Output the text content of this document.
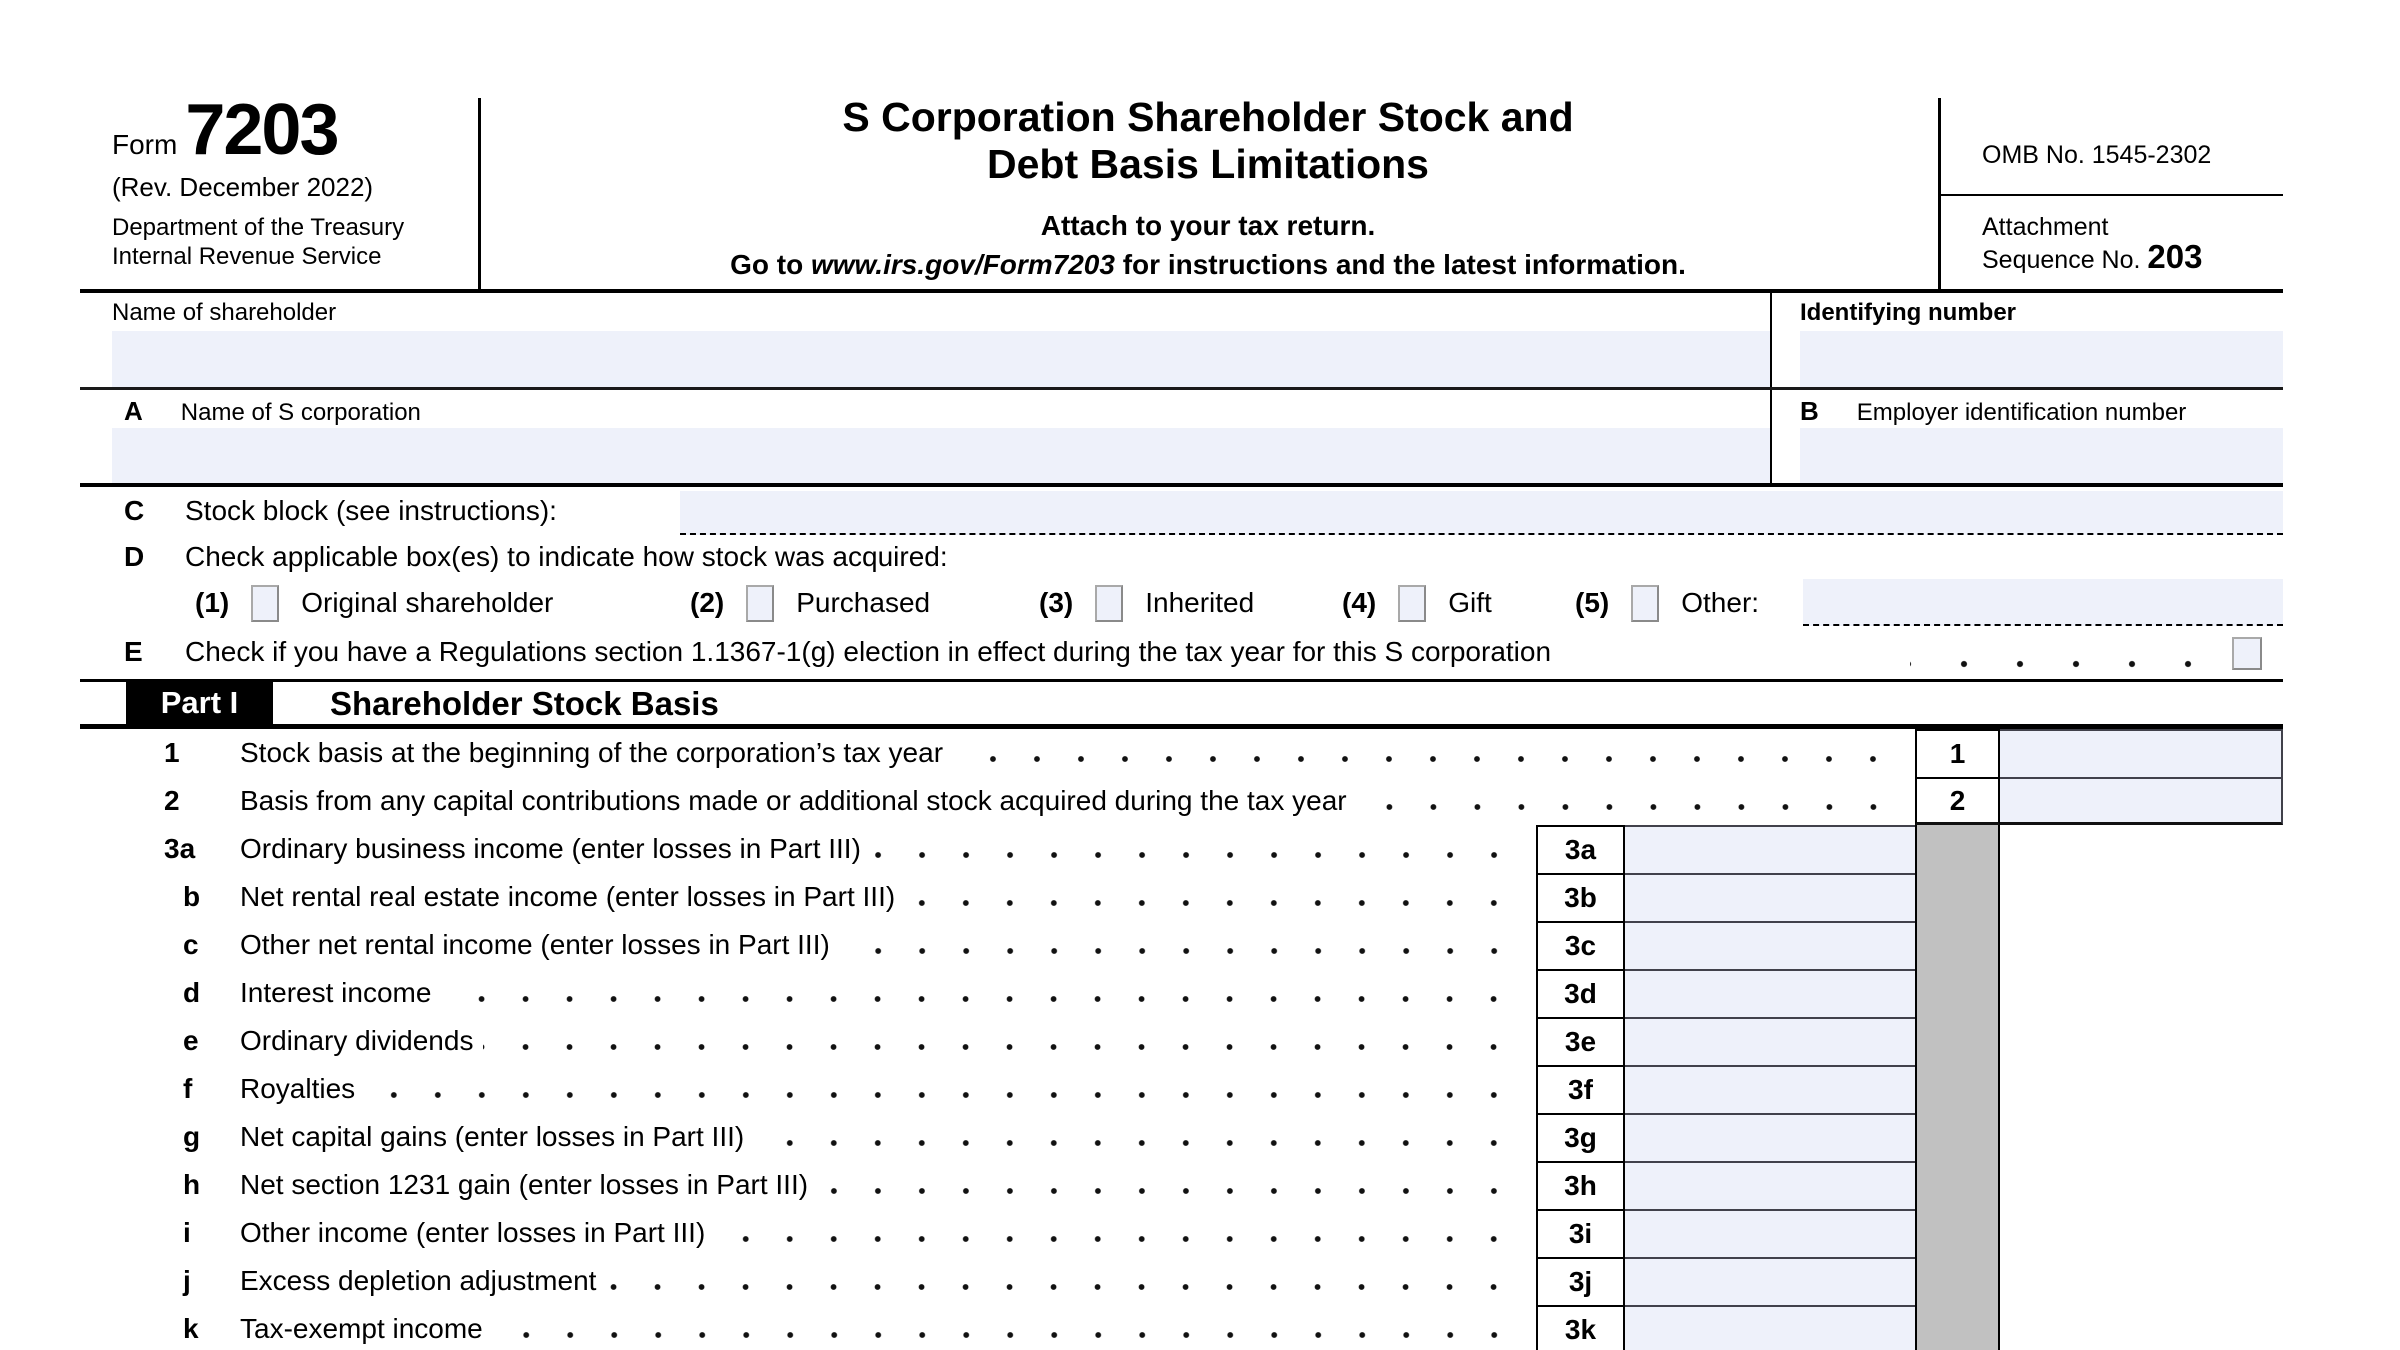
Form 7203
(Rev. December 2022)
Department of the Treasury
Internal Revenue Service
S Corporation Shareholder Stock and
Debt Basis Limitations
Attach to your tax return.
Go to www.irs.gov/Form7203 for instructions and the latest information.
OMB No. 1545-2302
Attachment
Sequence No. 203
Name of shareholder	Identifying number
A Name of S corporation	B Employer identification number
C Stock block (see instructions):
D Check applicable box(es) to indicate how stock was acquired:
(1)	Original shareholder	(2)	Purchased	(3)	Inherited	(4)	Gift	(5)	Other:
E Check if you have a Regulations section 1.1367-1(g) election in effect during the tax year for this S corporation
Part I	Shareholder Stock Basis
1	Stock basis at the beginning of the corporation’s tax year	1
2	Basis from any capital contributions made or additional stock acquired during the tax year	2
3a	Ordinary business income (enter losses in Part III)	3a
b	Net rental real estate income (enter losses in Part III)	3b
c	Other net rental income (enter losses in Part III)	3c
d	Interest income	3d
e	Ordinary dividends	3e
f	Royalties	3f
g	Net capital gains (enter losses in Part III)	3g
h	Net section 1231 gain (enter losses in Part III)	3h
i	Other income (enter losses in Part III)	3i
j	Excess depletion adjustment	3j
k	Tax-exempt income	3k
